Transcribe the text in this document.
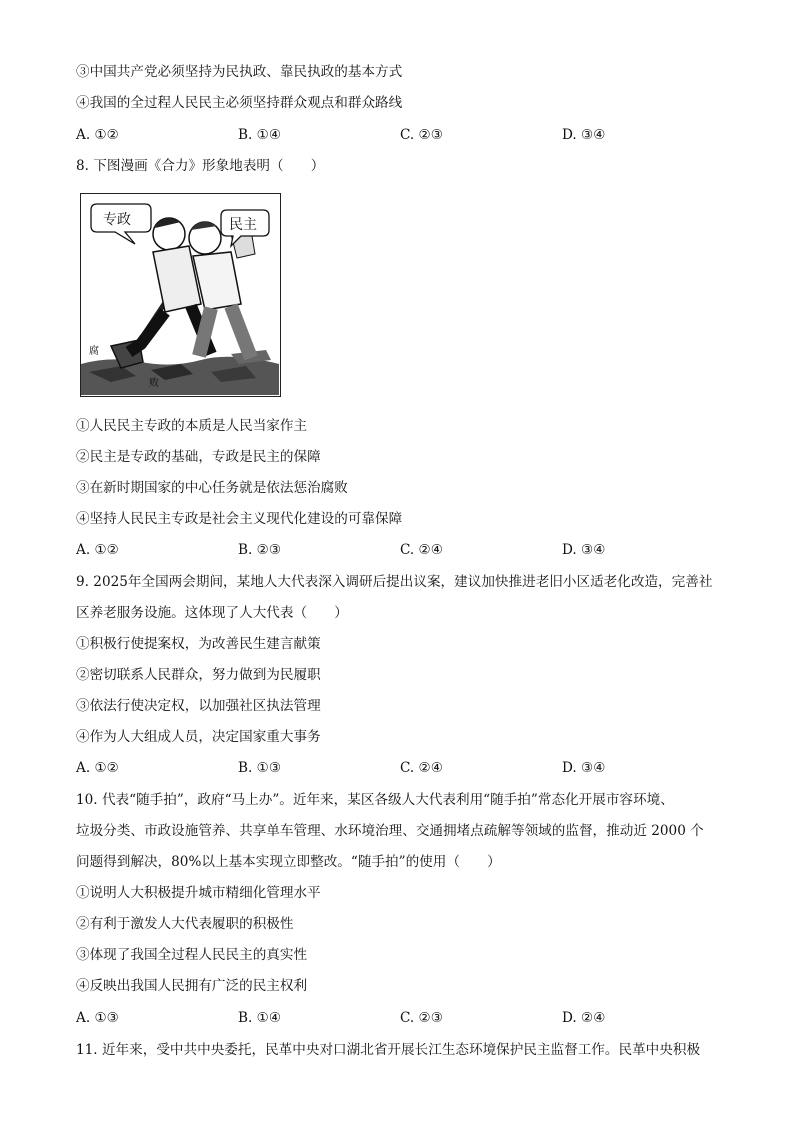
③中国共产党必须坚持为民执政、靠民执政的基本方式
④我国的全过程人民民主必须坚持群众观点和群众路线
A. ①②	B. ①④	C. ②③	D. ③④
8. 下图漫画《合力》形象地表明（　　）
专政	民主
腐
败
①人民民主专政的本质是人民当家作主
②民主是专政的基础，专政是民主的保障
③在新时期国家的中心任务就是依法惩治腐败
④坚持人民民主专政是社会主义现代化建设的可靠保障
A. ①②	B. ②③	C. ②④	D. ③④
9. 2025年全国两会期间，某地人大代表深入调研后提出议案，建议加快推进老旧小区适老化改造，完善社
区养老服务设施。这体现了人大代表（　　）
①积极行使提案权，为改善民生建言献策
②密切联系人民群众，努力做到为民履职
③依法行使决定权，以加强社区执法管理
④作为人大组成人员，决定国家重大事务
A. ①②	B. ①③	C. ②④	D. ③④
10. 代表“随手拍”，政府“马上办”。近年来，某区各级人大代表利用“随手拍”常态化开展市容环境、
垃圾分类、市政设施管养、共享单车管理、水环境治理、交通拥堵点疏解等领域的监督，推动近 2000 个
问题得到解决，80%以上基本实现立即整改。“随手拍”的使用（　　）
①说明人大积极提升城市精细化管理水平
②有利于激发人大代表履职的积极性
③体现了我国全过程人民民主的真实性
④反映出我国人民拥有广泛的民主权利
A. ①③	B. ①④	C. ②③	D. ②④
11. 近年来，受中共中央委托，民革中央对口湖北省开展长江生态环境保护民主监督工作。民革中央积极
